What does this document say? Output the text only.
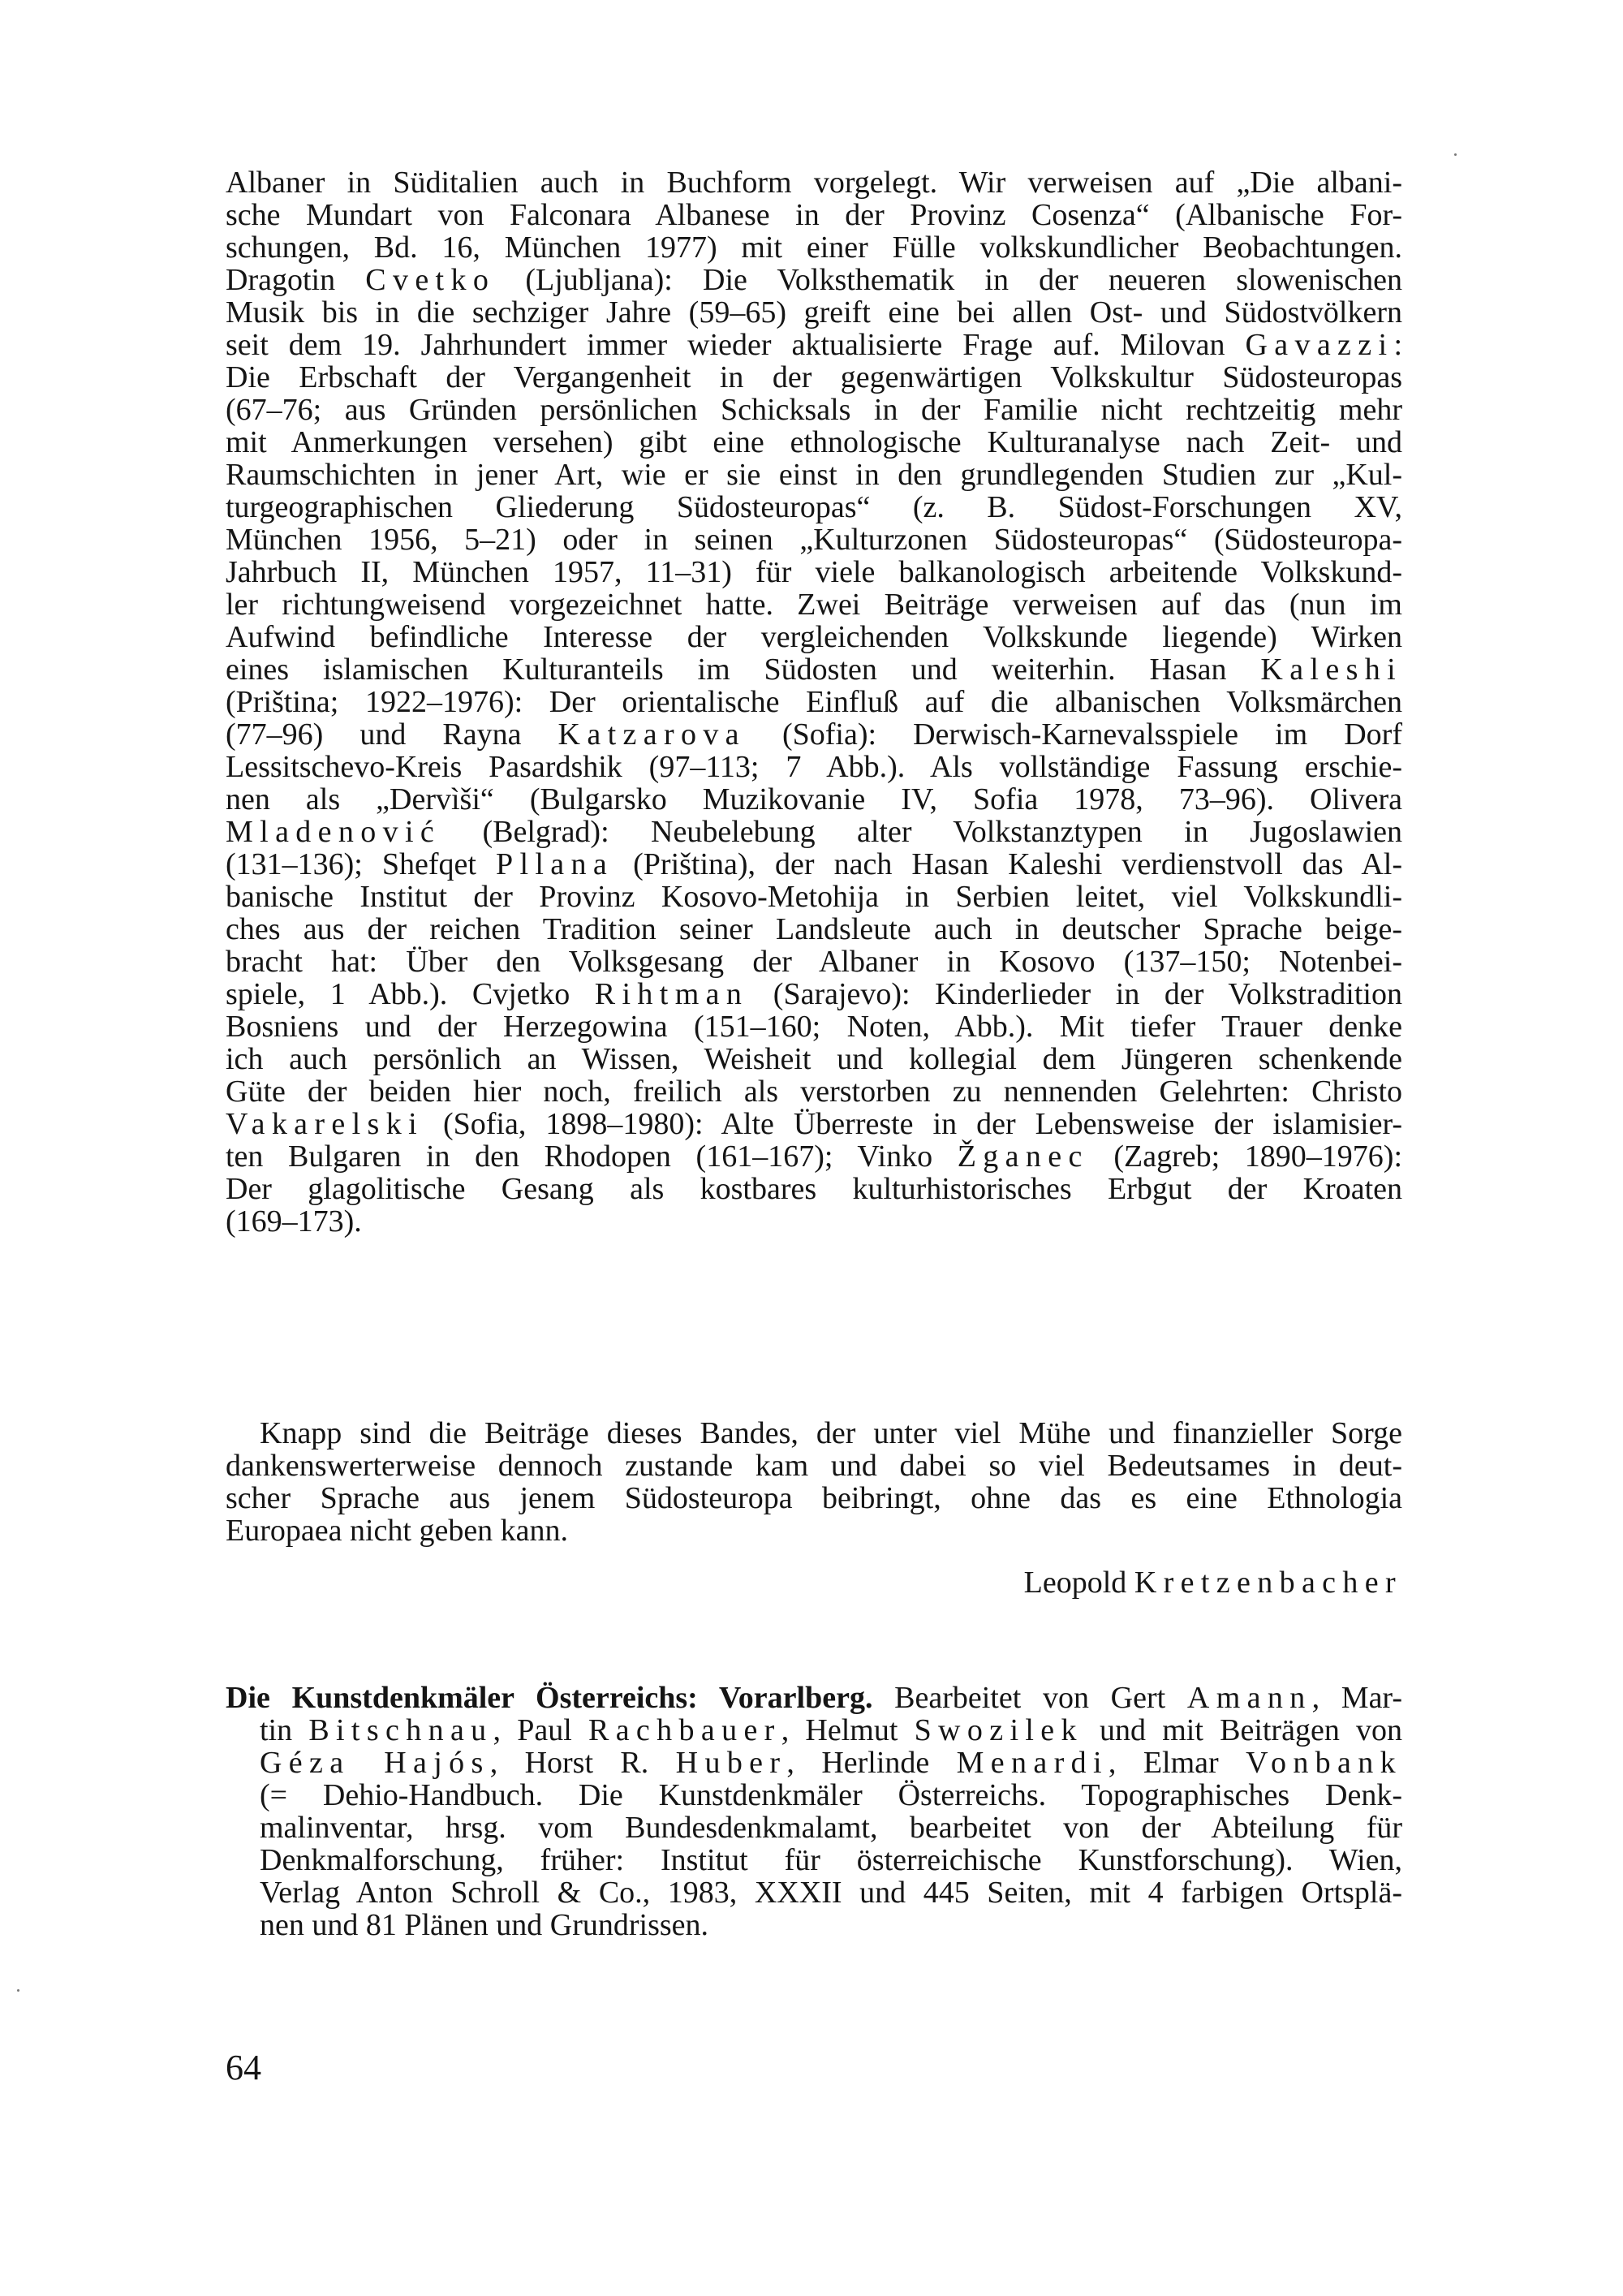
Albaner in Süditalien auch in Buchform vorgelegt. Wir verweisen auf „Die albani-
sche Mundart von Falconara Albanese in der Provinz Cosenza“ (Albanische For-
schungen, Bd. 16, München 1977) mit einer Fülle volkskundlicher Beobachtungen.
Dragotin Cvetko (Ljubljana): Die Volksthematik in der neueren slowenischen
Musik bis in die sechziger Jahre (59–65) greift eine bei allen Ost- und Südostvölkern
seit dem 19. Jahrhundert immer wieder aktualisierte Frage auf. Milovan Gavazzi:
Die Erbschaft der Vergangenheit in der gegenwärtigen Volkskultur Südosteuropas
(67–76; aus Gründen persönlichen Schicksals in der Familie nicht rechtzeitig mehr
mit Anmerkungen versehen) gibt eine ethnologische Kulturanalyse nach Zeit- und
Raumschichten in jener Art, wie er sie einst in den grundlegenden Studien zur „Kul-
turgeographischen Gliederung Südosteuropas“ (z. B. Südost-Forschungen XV,
München 1956, 5–21) oder in seinen „Kulturzonen Südosteuropas“ (Südosteuropa-
Jahrbuch II, München 1957, 11–31) für viele balkanologisch arbeitende Volkskund-
ler richtungweisend vorgezeichnet hatte. Zwei Beiträge verweisen auf das (nun im
Aufwind befindliche Interesse der vergleichenden Volkskunde liegende) Wirken
eines islamischen Kulturanteils im Südosten und weiterhin. Hasan Kaleshi
(Priština; 1922–1976): Der orientalische Einfluß auf die albanischen Volksmärchen
(77–96) und Rayna Katzarova (Sofia): Derwisch-Karnevalsspiele im Dorf
Lessitschevo-Kreis Pasardshik (97–113; 7 Abb.). Als vollständige Fassung erschie-
nen als „Dervìši“ (Bulgarsko Muzikovanie IV, Sofia 1978, 73–96). Olivera
Mladenović (Belgrad): Neubelebung alter Volkstanztypen in Jugoslawien
(131–136); Shefqet Pllana (Priština), der nach Hasan Kaleshi verdienstvoll das Al-
banische Institut der Provinz Kosovo-Metohija in Serbien leitet, viel Volkskundli-
ches aus der reichen Tradition seiner Landsleute auch in deutscher Sprache beige-
bracht hat: Über den Volksgesang der Albaner in Kosovo (137–150; Notenbei-
spiele, 1 Abb.). Cvjetko Rihtman (Sarajevo): Kinderlieder in der Volkstradition
Bosniens und der Herzegowina (151–160; Noten, Abb.). Mit tiefer Trauer denke
ich auch persönlich an Wissen, Weisheit und kollegial dem Jüngeren schenkende
Güte der beiden hier noch, freilich als verstorben zu nennenden Gelehrten: Christo
Vakarelski (Sofia, 1898–1980): Alte Überreste in der Lebensweise der islamisier-
ten Bulgaren in den Rhodopen (161–167); Vinko Žganec (Zagreb; 1890–1976):
Der glagolitische Gesang als kostbares kulturhistorisches Erbgut der Kroaten
(169–173).
Knapp sind die Beiträge dieses Bandes, der unter viel Mühe und finanzieller Sorge
dankenswerterweise dennoch zustande kam und dabei so viel Bedeutsames in deut-
scher Sprache aus jenem Südosteuropa beibringt, ohne das es eine Ethnologia
Europaea nicht geben kann.
Leopold Kretzenbacher
Die Kunstdenkmäler Österreichs: Vorarlberg. Bearbeitet von Gert Amann, Mar-
tin Bitschnau, Paul Rachbauer, Helmut Swozilek und mit Beiträgen von
Géza Hajós, Horst R. Huber, Herlinde Menardi, Elmar Vonbank
(= Dehio-Handbuch. Die Kunstdenkmäler Österreichs. Topographisches Denk-
malinventar, hrsg. vom Bundesdenkmalamt, bearbeitet von der Abteilung für
Denkmalforschung, früher: Institut für österreichische Kunstforschung). Wien,
Verlag Anton Schroll & Co., 1983, XXXII und 445 Seiten, mit 4 farbigen Ortsplä-
nen und 81 Plänen und Grundrissen.
64
